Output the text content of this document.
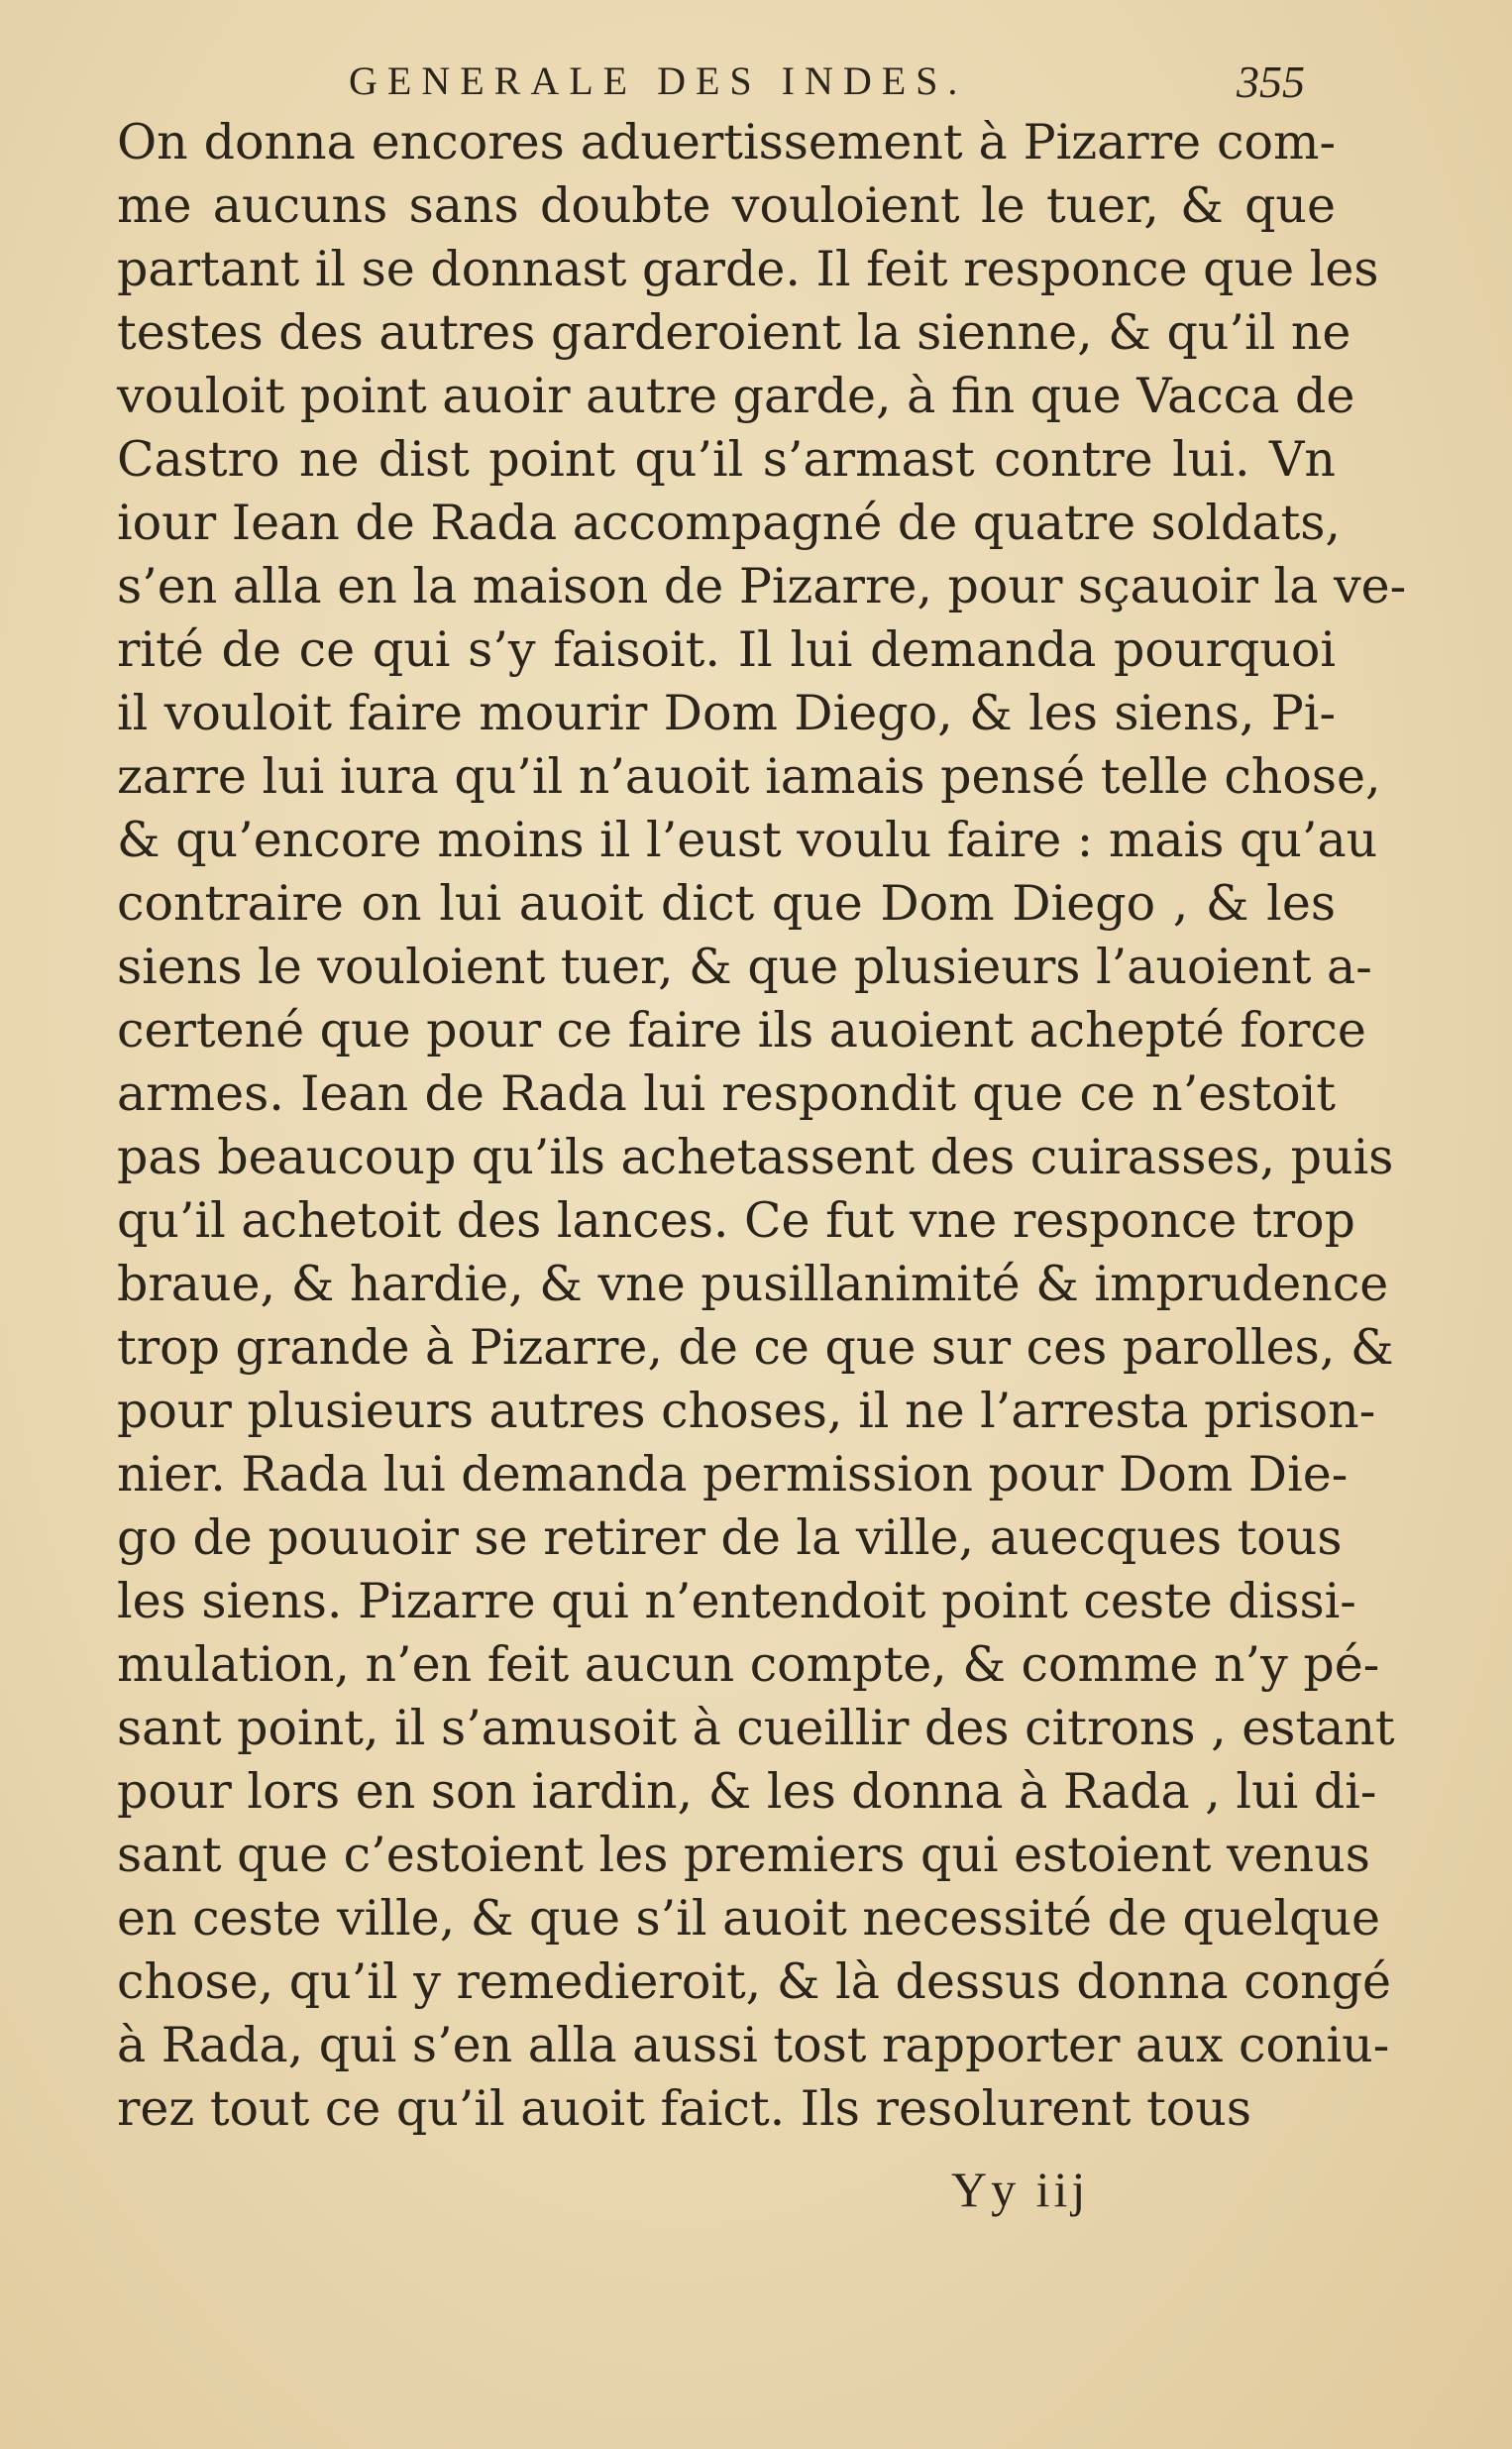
GENERALE DES INDES.	355
On donna encores aduertissement à Pizarre com-
me aucuns sans doubte vouloient le tuer, & que
partant il se donnast garde. Il feit responce que les
testes des autres garderoient la sienne, & qu’il ne
vouloit point auoir autre garde, à fin que Vacca de
Castro ne dist point qu’il s’armast contre lui. Vn
iour Iean de Rada accompagné de quatre soldats,
s’en alla en la maison de Pizarre, pour sçauoir la ve-
rité de ce qui s’y faisoit. Il lui demanda pourquoi
il vouloit faire mourir Dom Diego, & les siens, Pi-
zarre lui iura qu’il n’auoit iamais pensé telle chose,
& qu’encore moins il l’eust voulu faire : mais qu’au
contraire on lui auoit dict que Dom Diego , & les
siens le vouloient tuer, & que plusieurs l’auoient a-
certené que pour ce faire ils auoient achepté force
armes. Iean de Rada lui respondit que ce n’estoit
pas beaucoup qu’ils achetassent des cuirasses, puis
qu’il achetoit des lances. Ce fut vne responce trop
braue, & hardie, & vne pusillanimité & imprudence
trop grande à Pizarre, de ce que sur ces parolles, &
pour plusieurs autres choses, il ne l’arresta prison-
nier. Rada lui demanda permission pour Dom Die-
go de pouuoir se retirer de la ville, auecques tous
les siens. Pizarre qui n’entendoit point ceste dissi-
mulation, n’en feit aucun compte, & comme n’y pé-
sant point, il s’amusoit à cueillir des citrons , estant
pour lors en son iardin, & les donna à Rada , lui di-
sant que c’estoient les premiers qui estoient venus
en ceste ville, & que s’il auoit necessité de quelque
chose, qu’il y remedieroit, & là dessus donna congé
à Rada, qui s’en alla aussi tost rapporter aux coniu-
rez tout ce qu’il auoit faict. Ils resolurent tous
Yy iij
